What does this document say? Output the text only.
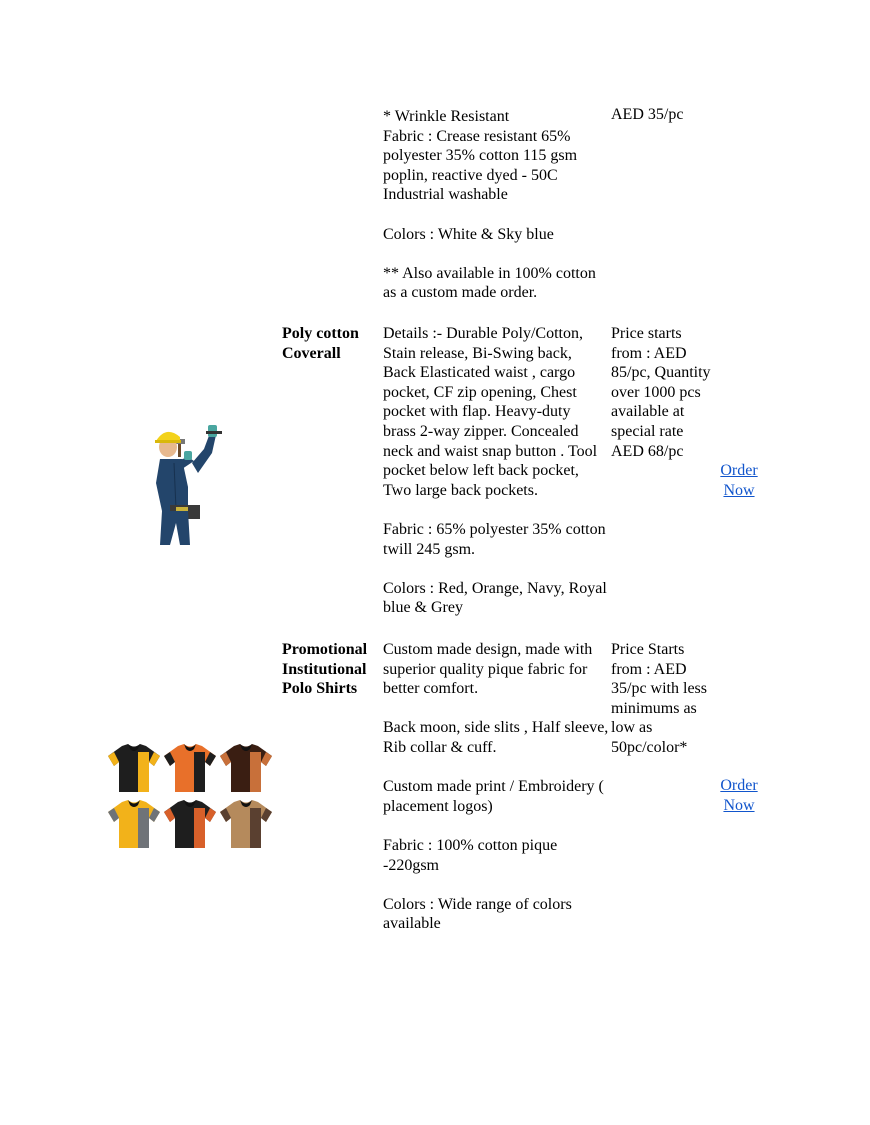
* Wrinkle Resistant
Fabric : Crease resistant 65% polyester 35% cotton 115 gsm poplin, reactive dyed - 50C Industrial washable

Colors : White & Sky blue

** Also available in 100% cotton as a custom made order.

AED 35/pc
Poly cotton
Coverall

Details :- Durable Poly/Cotton, Stain release, Bi-Swing back, Back Elasticated waist , cargo pocket, CF zip opening, Chest pocket with flap. Heavy-duty brass 2-way zipper. Concealed neck and waist snap button . Tool pocket below left back pocket, Two large back pockets.

Fabric : 65% polyester 35% cotton twill 245 gsm.

Colors : Red, Orange, Navy, Royal blue & Grey

Price starts from : AED 85/pc, Quantity over 1000 pcs available at special rate AED 68/pc
Order Now
Promotional
Institutional
Polo Shirts

Custom made design, made with superior quality pique fabric for better comfort.

Back moon, side slits , Half sleeve, Rib collar & cuff.

Custom made print / Embroidery ( placement logos)

Fabric : 100% cotton pique -220gsm

Colors : Wide range of colors available

Price Starts from : AED 35/pc with less minimums as low as 50pc/color*
Order Now
